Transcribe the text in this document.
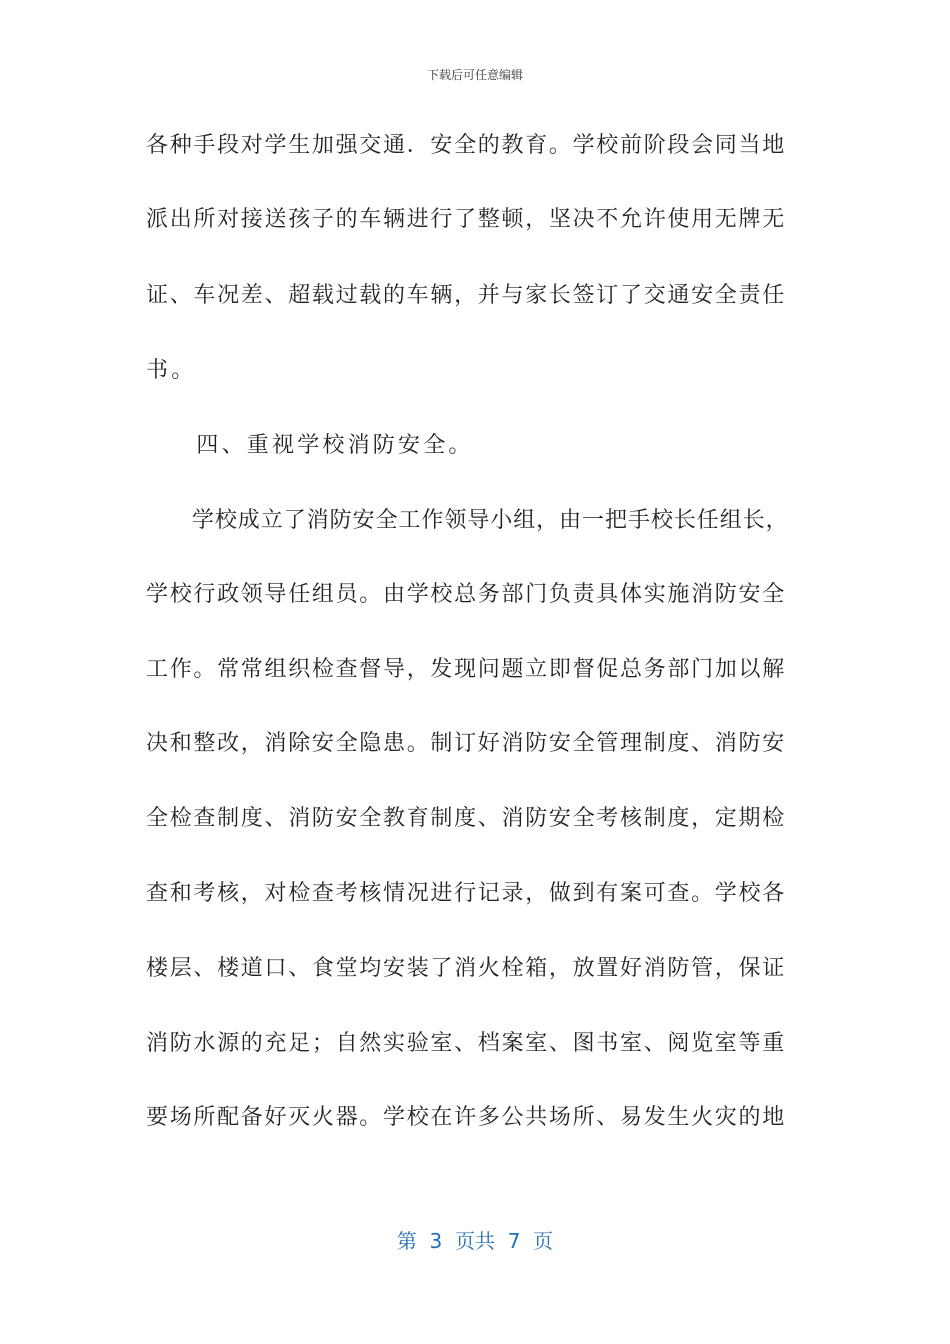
下载后可任意编辑
各种手段对学生加强交通．安全的教育。学校前阶段会同当地
派出所对接送孩子的车辆进行了整顿，坚决不允许使用无牌无
证、车况差、超载过载的车辆，并与家长签订了交通安全责任
书。
　　四、重视学校消防安全。
　　学校成立了消防安全工作领导小组，由一把手校长任组长，
学校行政领导任组员。由学校总务部门负责具体实施消防安全
工作。常常组织检查督导，发现问题立即督促总务部门加以解
决和整改，消除安全隐患。制订好消防安全管理制度、消防安
全检查制度、消防安全教育制度、消防安全考核制度，定期检
查和考核，对检查考核情况进行记录，做到有案可查。学校各
楼层、楼道口、食堂均安装了消火栓箱，放置好消防管，保证
消防水源的充足；自然实验室、档案室、图书室、阅览室等重
要场所配备好灭火器。学校在许多公共场所、易发生火灾的地
第  3  页共  7  页
